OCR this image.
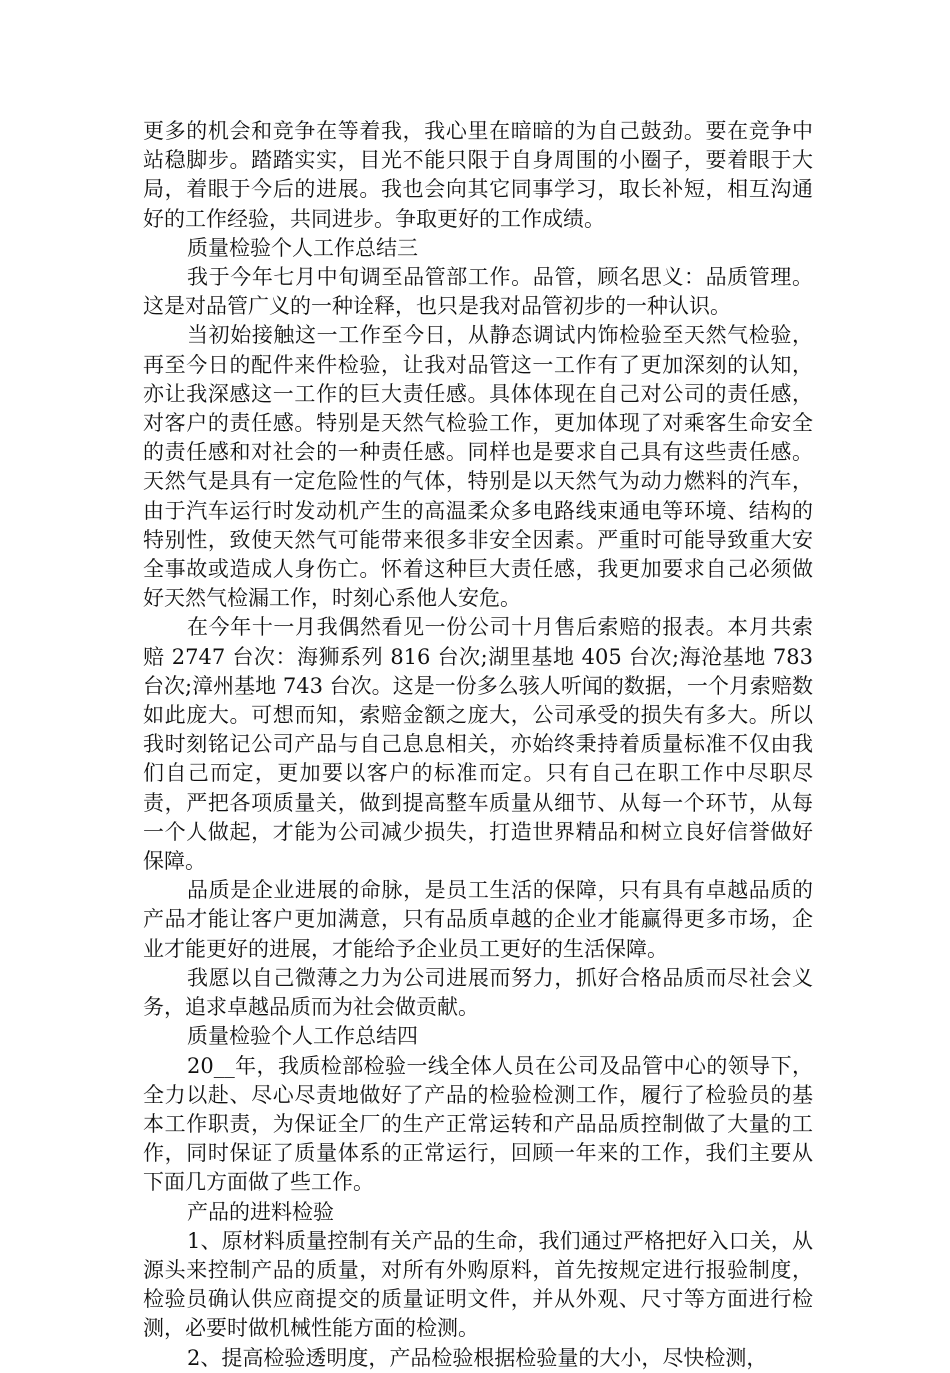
更多的机会和竞争在等着我，我心里在暗暗的为自己鼓劲。要在竞争中站稳脚步。踏踏实实，目光不能只限于自身周围的小圈子，要着眼于大局，着眼于今后的进展。我也会向其它同事学习，取长补短，相互沟通好的工作经验，共同进步。争取更好的工作成绩。

质量检验个人工作总结三

我于今年七月中旬调至品管部工作。品管，顾名思义：品质管理。这是对品管广义的一种诠释，也只是我对品管初步的一种认识。

当初始接触这一工作至今日，从静态调试内饰检验至天然气检验，再至今日的配件来件检验，让我对品管这一工作有了更加深刻的认知，亦让我深感这一工作的巨大责任感。具体体现在自己对公司的责任感，对客户的责任感。特别是天然气检验工作，更加体现了对乘客生命安全的责任感和对社会的一种责任感。同样也是要求自己具有这些责任感。天然气是具有一定危险性的气体，特别是以天然气为动力燃料的汽车，由于汽车运行时发动机产生的高温柔众多电路线束通电等环境、结构的特别性，致使天然气可能带来很多非安全因素。严重时可能导致重大安全事故或造成人身伤亡。怀着这种巨大责任感，我更加要求自己必须做好天然气检漏工作，时刻心系他人安危。

在今年十一月我偶然看见一份公司十月售后索赔的报表。本月共索赔 2747 台次：海狮系列 816 台次;湖里基地 405 台次;海沧基地 783 台次;漳州基地 743 台次。这是一份多么骇人听闻的数据，一个月索赔数如此庞大。可想而知，索赔金额之庞大，公司承受的损失有多大。所以我时刻铭记公司产品与自己息息相关，亦始终秉持着质量标准不仅由我们自己而定，更加要以客户的标准而定。只有自己在职工作中尽职尽责，严把各项质量关，做到提高整车质量从细节、从每一个环节，从每一个人做起，才能为公司减少损失，打造世界精品和树立良好信誉做好保障。

品质是企业进展的命脉，是员工生活的保障，只有具有卓越品质的产品才能让客户更加满意，只有品质卓越的企业才能赢得更多市场，企业才能更好的进展，才能给予企业员工更好的生活保障。

我愿以自己微薄之力为公司进展而努力，抓好合格品质而尽社会义务，追求卓越品质而为社会做贡献。

质量检验个人工作总结四

20__年，我质检部检验一线全体人员在公司及品管中心的领导下，全力以赴、尽心尽责地做好了产品的检验检测工作，履行了检验员的基本工作职责，为保证全厂的生产正常运转和产品品质控制做了大量的工作，同时保证了质量体系的正常运行，回顾一年来的工作，我们主要从下面几方面做了些工作。

产品的进料检验

1、原材料质量控制有关产品的生命，我们通过严格把好入口关，从源头来控制产品的质量，对所有外购原料，首先按规定进行报验制度，检验员确认供应商提交的质量证明文件，并从外观、尺寸等方面进行检测，必要时做机械性能方面的检测。

2、提高检验透明度，产品检验根据检验量的大小，尽快检测，
